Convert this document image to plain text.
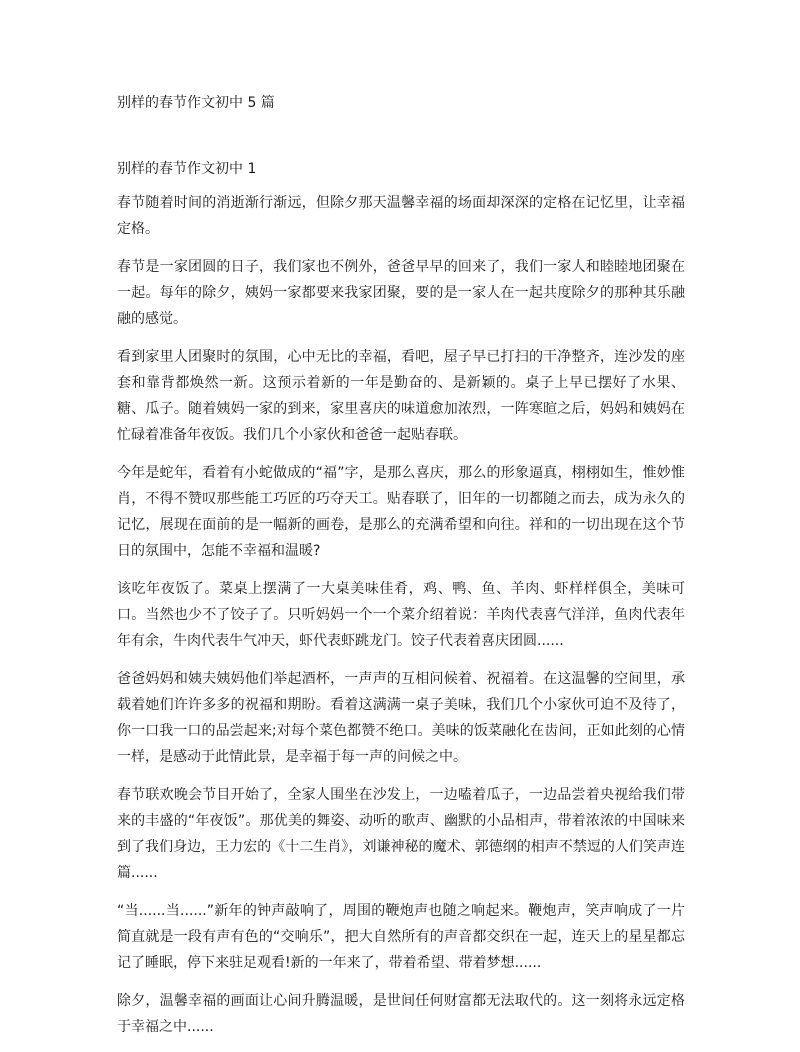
别样的春节作文初中 5 篇
别样的春节作文初中 1

春节随着时间的消逝渐行渐远，但除夕那天温馨幸福的场面却深深的定格在记忆里，让幸福定格。

春节是一家团圆的日子，我们家也不例外，爸爸早早的回来了，我们一家人和睦睦地团聚在一起。每年的除夕，姨妈一家都要来我家团聚，要的是一家人在一起共度除夕的那种其乐融融的感觉。

看到家里人团聚时的氛围，心中无比的幸福，看吧，屋子早已打扫的干净整齐，连沙发的座套和靠背都焕然一新。这预示着新的一年是勤奋的、是新颖的。桌子上早已摆好了水果、糖、瓜子。随着姨妈一家的到来，家里喜庆的味道愈加浓烈，一阵寒暄之后，妈妈和姨妈在忙碌着准备年夜饭。我们几个小家伙和爸爸一起贴春联。

今年是蛇年，看着有小蛇做成的“福”字，是那么喜庆，那么的形象逼真，栩栩如生，惟妙惟肖，不得不赞叹那些能工巧匠的巧夺天工。贴春联了，旧年的一切都随之而去，成为永久的记忆，展现在面前的是一幅新的画卷，是那么的充满希望和向往。祥和的一切出现在这个节日的氛围中，怎能不幸福和温暖?

该吃年夜饭了。菜桌上摆满了一大桌美味佳肴，鸡、鸭、鱼、羊肉、虾样样俱全，美味可口。当然也少不了饺子了。只听妈妈一个一个菜介绍着说：羊肉代表喜气洋洋，鱼肉代表年年有余，牛肉代表牛气冲天，虾代表虾跳龙门。饺子代表着喜庆团圆......

爸爸妈妈和姨夫姨妈他们举起酒杯，一声声的互相问候着、祝福着。在这温馨的空间里，承载着她们许许多多的祝福和期盼。看着这满满一桌子美味，我们几个小家伙可迫不及待了，你一口我一口的品尝起来;对每个菜色都赞不绝口。美味的饭菜融化在齿间，正如此刻的心情一样，是感动于此情此景，是幸福于每一声的问候之中。

春节联欢晚会节目开始了，全家人围坐在沙发上，一边嗑着瓜子，一边品尝着央视给我们带来的丰盛的“年夜饭”。那优美的舞姿、动听的歌声、幽默的小品相声，带着浓浓的中国味来到了我们身边，王力宏的《十二生肖》，刘谦神秘的魔术、郭德纲的相声不禁逗的人们笑声连篇......

“当......当......”新年的钟声敲响了，周围的鞭炮声也随之响起来。鞭炮声，笑声响成了一片简直就是一段有声有色的“交响乐”，把大自然所有的声音都交织在一起，连天上的星星都忘记了睡眠，停下来驻足观看!新的一年来了，带着希望、带着梦想......

除夕，温馨幸福的画面让心间升腾温暖，是世间任何财富都无法取代的。这一刻将永远定格于幸福之中......
